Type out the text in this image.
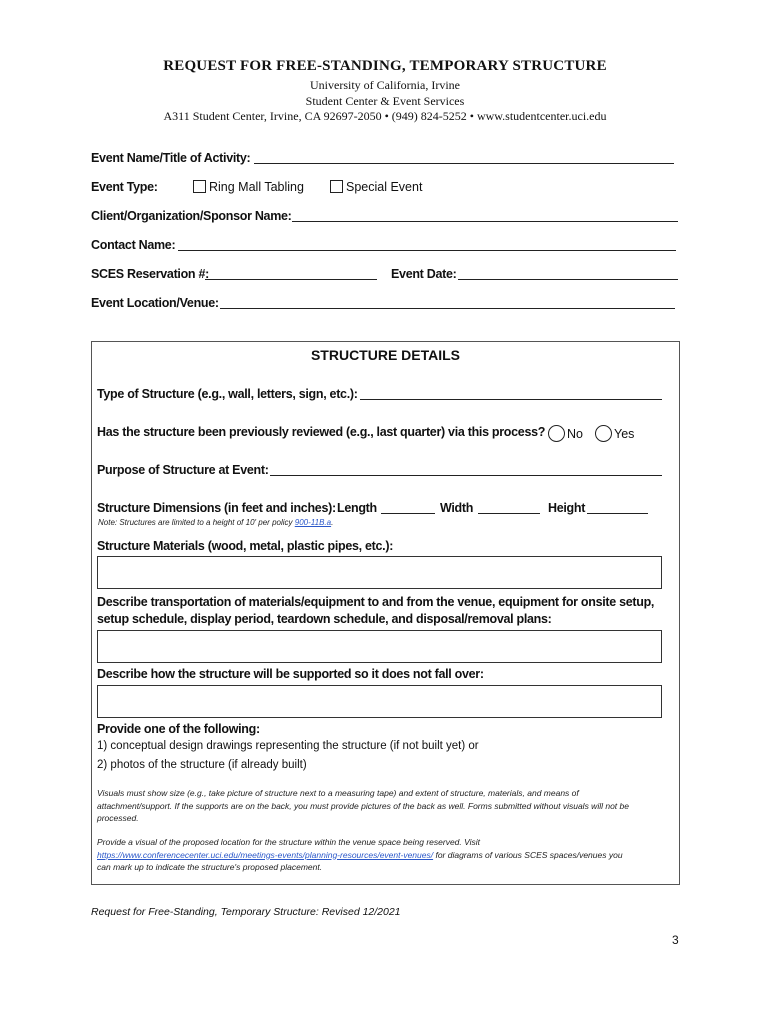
REQUEST FOR FREE-STANDING, TEMPORARY STRUCTURE
University of California, Irvine
Student Center & Event Services
A311 Student Center, Irvine, CA 92697-2050 • (949) 824-5252 • www.studentcenter.uci.edu
Event Name/Title of Activity:
Event Type:	Ring Mall Tabling	Special Event
Client/Organization/Sponsor Name:
Contact Name:
SCES Reservation #:	Event Date:
Event Location/Venue:
STRUCTURE DETAILS
Type of Structure (e.g., wall, letters, sign, etc.):
Has the structure been previously reviewed (e.g., last quarter) via this process?	No	Yes
Purpose of Structure at Event:
Structure Dimensions (in feet and inches): Length	Width	Height
Note: Structures are limited to a height of 10' per policy 900-11B.a.
Structure Materials (wood, metal, plastic pipes, etc.):
Describe transportation of materials/equipment to and from the venue, equipment for onsite setup,
setup schedule, display period, teardown schedule, and disposal/removal plans:
Describe how the structure will be supported so it does not fall over:
Provide one of the following:
1) conceptual design drawings representing the structure (if not built yet) or
2) photos of the structure (if already built)
Visuals must show size (e.g., take picture of structure next to a measuring tape) and extent of structure, materials, and means of
attachment/support. If the supports are on the back, you must provide pictures of the back as well. Forms submitted without visuals will not be
processed.
Provide a visual of the proposed location for the structure within the venue space being reserved. Visit
https://www.conferencecenter.uci.edu/meetings-events/planning-resources/event-venues/ for diagrams of various SCES spaces/venues you
can mark up to indicate the structure's proposed placement.
Request for Free-Standing, Temporary Structure: Revised 12/2021
3
